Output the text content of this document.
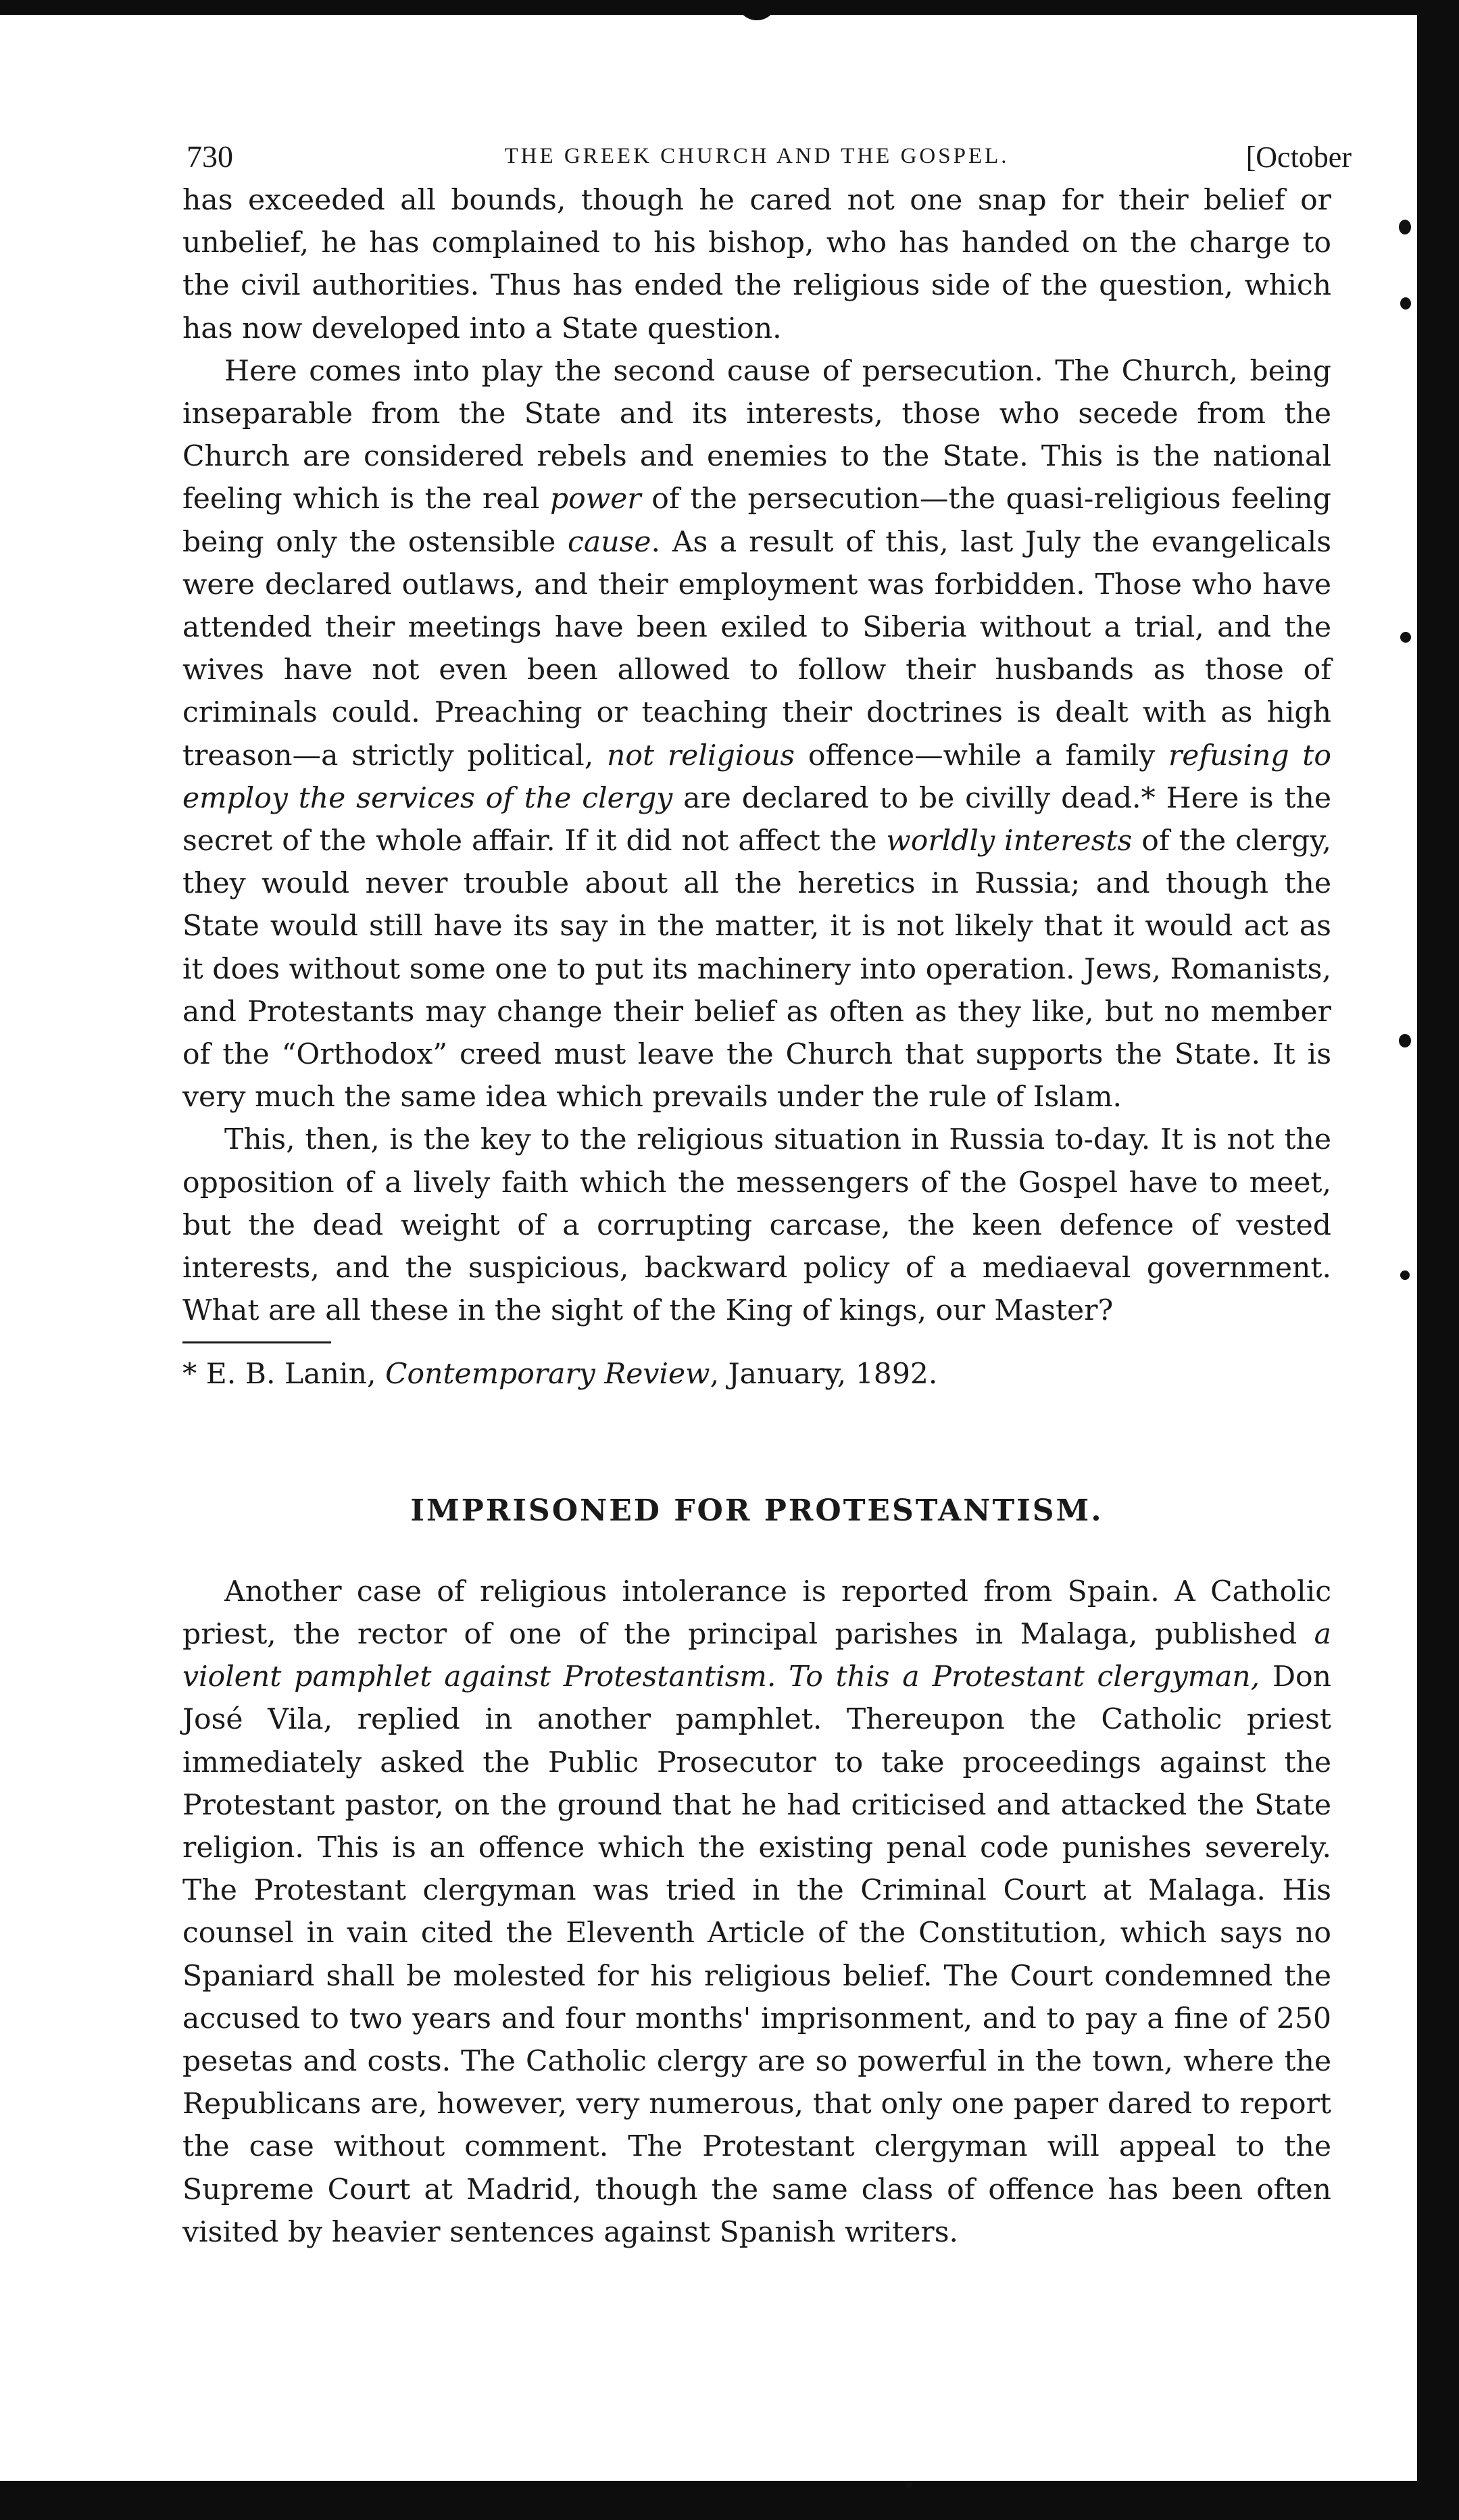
730	THE GREEK CHURCH AND THE GOSPEL.	[October

has exceeded all bounds, though he cared not one snap for their belief or unbelief, he has complained to his bishop, who has handed on the charge to the civil authorities. Thus has ended the religious side of the question, which has now developed into a State question.

Here comes into play the second cause of persecution. The Church, being inseparable from the State and its interests, those who secede from the Church are considered rebels and enemies to the State. This is the national feeling which is the real power of the persecution—the quasi-religious feeling being only the ostensible cause. As a result of this, last July the evangelicals were declared outlaws, and their employment was forbidden. Those who have attended their meetings have been exiled to Siberia without a trial, and the wives have not even been allowed to follow their husbands as those of criminals could. Preaching or teaching their doctrines is dealt with as high treason—a strictly political, not religious offence—while a family refusing to employ the services of the clergy are declared to be civilly dead.* Here is the secret of the whole affair. If it did not affect the worldly interests of the clergy, they would never trouble about all the heretics in Russia; and though the State would still have its say in the matter, it is not likely that it would act as it does without some one to put its machinery into operation. Jews, Romanists, and Protestants may change their belief as often as they like, but no member of the “Orthodox” creed must leave the Church that supports the State. It is very much the same idea which prevails under the rule of Islam.

This, then, is the key to the religious situation in Russia to-day. It is not the opposition of a lively faith which the messengers of the Gospel have to meet, but the dead weight of a corrupting carcase, the keen defence of vested interests, and the suspicious, backward policy of a mediaeval government. What are all these in the sight of the King of kings, our Master?

* E. B. Lanin, Contemporary Review, January, 1892.

IMPRISONED FOR PROTESTANTISM.

Another case of religious intolerance is reported from Spain. A Catholic priest, the rector of one of the principal parishes in Malaga, published a violent pamphlet against Protestantism. To this a Protestant clergyman, Don José Vila, replied in another pamphlet. Thereupon the Catholic priest immediately asked the Public Prosecutor to take proceedings against the Protestant pastor, on the ground that he had criticised and attacked the State religion. This is an offence which the existing penal code punishes severely. The Protestant clergyman was tried in the Criminal Court at Malaga. His counsel in vain cited the Eleventh Article of the Constitution, which says no Spaniard shall be molested for his religious belief. The Court condemned the accused to two years and four months' imprisonment, and to pay a fine of 250 pesetas and costs. The Catholic clergy are so powerful in the town, where the Republicans are, however, very numerous, that only one paper dared to report the case without comment. The Protestant clergyman will appeal to the Supreme Court at Madrid, though the same class of offence has been often visited by heavier sentences against Spanish writers.
